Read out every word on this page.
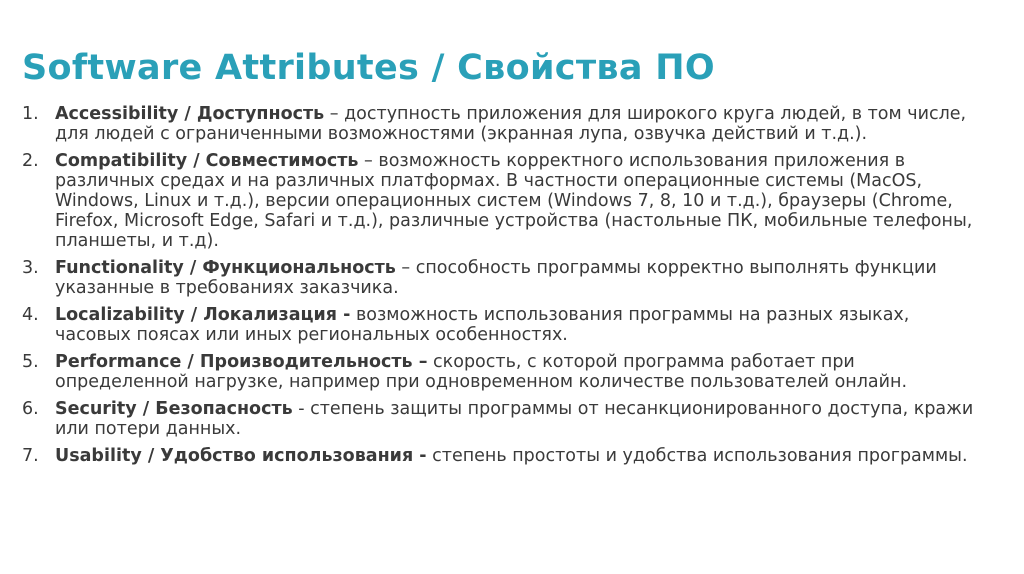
Software Attributes / Свойства ПО
1. Accessibility / Доступность – доступность приложения для широкого круга людей, в том числе, для людей с ограниченными возможностями (экранная лупа, озвучка действий и т.д.).
2. Compatibility / Совместимость – возможность корректного использования приложения в различных средах и на различных платформах. В частности операционные системы (MacOS, Windows, Linux и т.д.), версии операционных систем (Windows 7, 8, 10 и т.д.), браузеры (Chrome, Firefox, Microsoft Edge, Safari и т.д.), различные устройства (настольные ПК, мобильные телефоны, планшеты, и т.д).
3. Functionality / Функциональность – способность программы корректно выполнять функции указанные в требованиях заказчика.
4. Localizability / Локализация - возможность использования программы на разных языках, часовых поясах или иных региональных особенностях.
5. Performance / Производительность – скорость, с которой программа работает при определенной нагрузке, например при одновременном количестве пользователей онлайн.
6. Security / Безопасность - степень защиты программы от несанкционированного доступа, кражи или потери данных.
7. Usability / Удобство использования - степень простоты и удобства использования программы.
